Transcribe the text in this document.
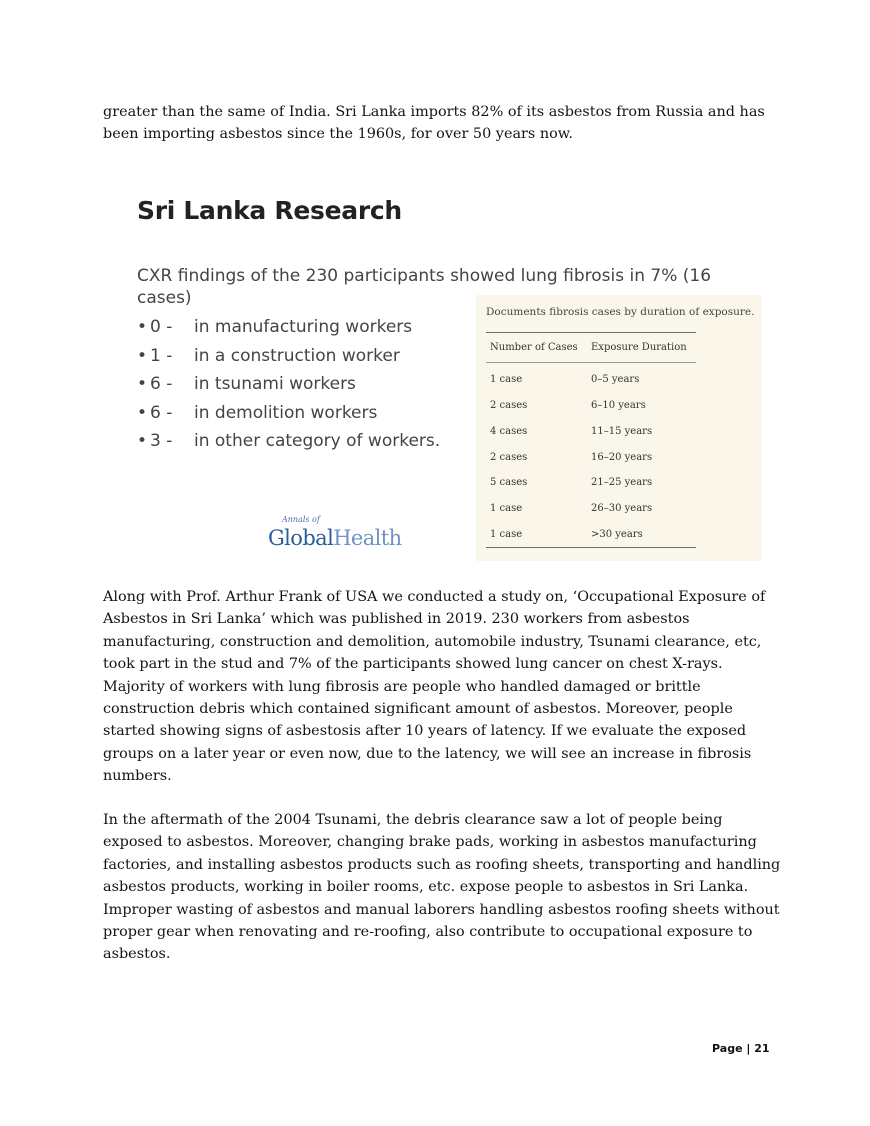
greater than the same of India. Sri Lanka imports 82% of its asbestos from Russia and has been importing asbestos since the 1960s, for over 50 years now.

Sri Lanka Research
CXR findings of the 230 participants showed lung fibrosis in 7% (16 cases)
• 0 - in manufacturing workers
• 1 - in a construction worker
• 6 - in tsunami workers
• 6 - in demolition workers
• 3 - in other category of workers.
Annals of
GlobalHealth
Documents fibrosis cases by duration of exposure.
Number of Cases Exposure Duration
1 case	0–5 years
2 cases	6–10 years
4 cases	11–15 years
2 cases	16–20 years
5 cases	21–25 years
1 case	26–30 years
1 case	>30 years

Along with Prof. Arthur Frank of USA we conducted a study on, ‘Occupational Exposure of Asbestos in Sri Lanka’ which was published in 2019. 230 workers from asbestos manufacturing, construction and demolition, automobile industry, Tsunami clearance, etc, took part in the stud and 7% of the participants showed lung cancer on chest X-rays. Majority of workers with lung fibrosis are people who handled damaged or brittle construction debris which contained significant amount of asbestos. Moreover, people started showing signs of asbestosis after 10 years of latency. If we evaluate the exposed groups on a later year or even now, due to the latency, we will see an increase in fibrosis numbers.

In the aftermath of the 2004 Tsunami, the debris clearance saw a lot of people being exposed to asbestos. Moreover, changing brake pads, working in asbestos manufacturing factories, and installing asbestos products such as roofing sheets, transporting and handling asbestos products, working in boiler rooms, etc. expose people to asbestos in Sri Lanka. Improper wasting of asbestos and manual laborers handling asbestos roofing sheets without proper gear when renovating and re-roofing, also contribute to occupational exposure to asbestos.

Page | 21
